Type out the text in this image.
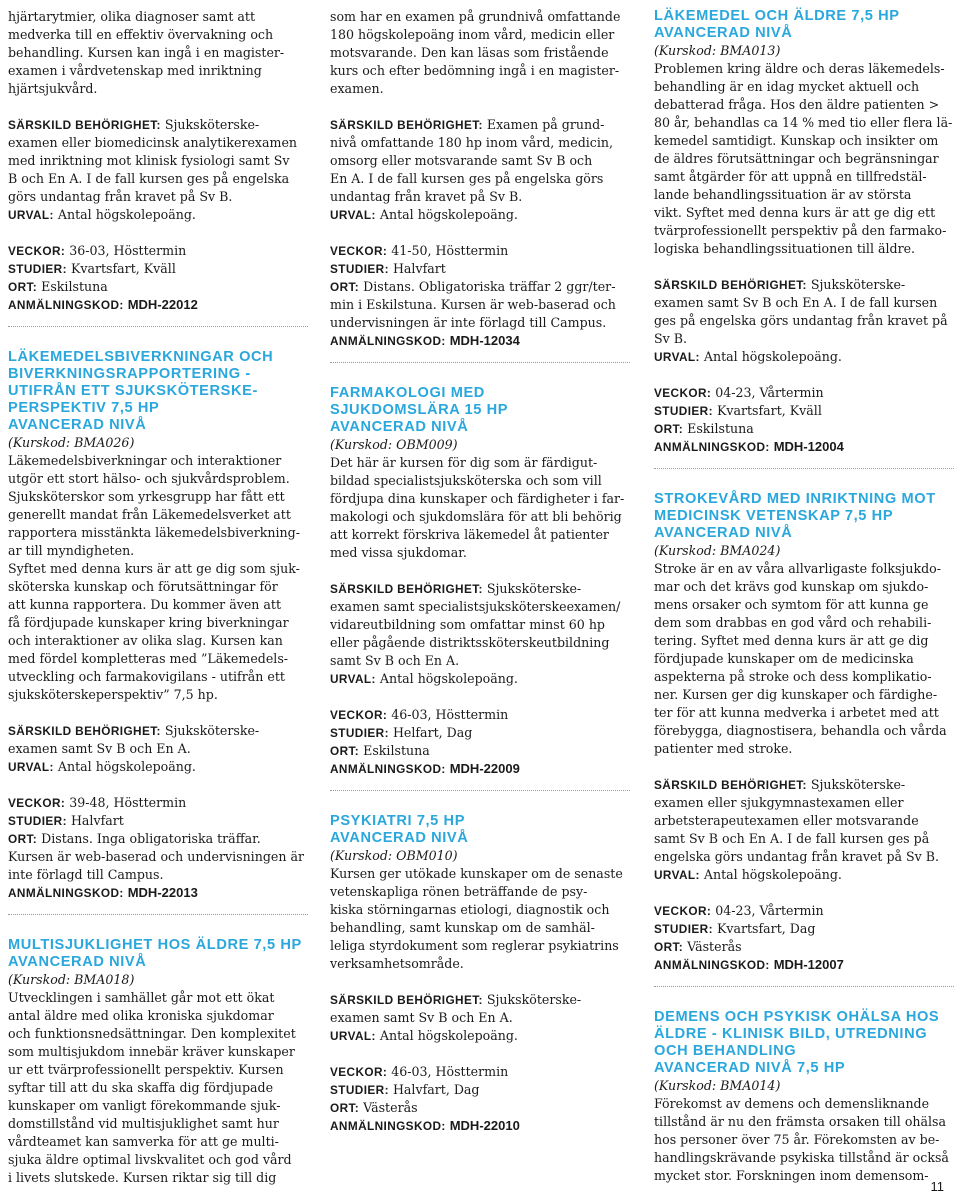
hjärtarytmier, olika diagnoser samt att
medverka till en effektiv övervakning och
behandling. Kursen kan ingå i en magister-
examen i vårdvetenskap med inriktning
hjärtsjukvård.
SÄRSKILD BEHÖRIGHET: Sjuksköterske-
examen eller biomedicinsk analytikerexamen
med inriktning mot klinisk fysiologi samt Sv
B och En A. I de fall kursen ges på engelska
görs undantag från kravet på Sv B.
URVAL: Antal högskolepoäng.
VECKOR: 36-03, Hösttermin
STUDIER: Kvartsfart, Kväll
ORT: Eskilstuna
ANMÄLNINGSKOD: MDH-22012
LÄKEMEDELSBIVERKNINGAR OCH
BIVERKNINGSRAPPORTERING -
UTIFRÅN ETT SJUKSKÖTERSKE-
PERSPEKTIV 7,5 HP
AVANCERAD NIVÅ
(Kurskod: BMA026)
Läkemedelsbiverkningar och interaktioner
utgör ett stort hälso- och sjukvårdsproblem.
Sjuksköterskor som yrkesgrupp har fått ett
generellt mandat från Läkemedelsverket att
rapportera misstänkta läkemedelsbiverkning-
ar till myndigheten.
Syftet med denna kurs är att ge dig som sjuk-
sköterska kunskap och förutsättningar för
att kunna rapportera. Du kommer även att
få fördjupade kunskaper kring biverkningar
och interaktioner av olika slag. Kursen kan
med fördel kompletteras med ”Läkemedels-
utveckling och farmakovigilans - utifrån ett
sjuksköterskeperspektiv” 7,5 hp.
SÄRSKILD BEHÖRIGHET: Sjuksköterske-
examen samt Sv B och En A.
URVAL: Antal högskolepoäng.
VECKOR: 39-48, Hösttermin
STUDIER: Halvfart
ORT: Distans. Inga obligatoriska träffar.
Kursen är web-baserad och undervisningen är
inte förlagd till Campus.
ANMÄLNINGSKOD: MDH-22013
MULTISJUKLIGHET HOS ÄLDRE 7,5 HP
AVANCERAD NIVÅ
(Kurskod: BMA018)
Utvecklingen i samhället går mot ett ökat
antal äldre med olika kroniska sjukdomar
och funktionsnedsättningar. Den komplexitet
som multisjukdom innebär kräver kunskaper
ur ett tvärprofessionellt perspektiv. Kursen
syftar till att du ska skaffa dig fördjupade
kunskaper om vanligt förekommande sjuk-
domstillstånd vid multisjuklighet samt hur
vårdteamet kan samverka för att ge multi-
sjuka äldre optimal livskvalitet och god vård
i livets slutskede. Kursen riktar sig till dig
som har en examen på grundnivå omfattande
180 högskolepoäng inom vård, medicin eller
motsvarande. Den kan läsas som fristående
kurs och efter bedömning ingå i en magister-
examen.
SÄRSKILD BEHÖRIGHET: Examen på grund-
nivå omfattande 180 hp inom vård, medicin,
omsorg eller motsvarande samt Sv B och
En A. I de fall kursen ges på engelska görs
undantag från kravet på Sv B.
URVAL: Antal högskolepoäng.
VECKOR: 41-50, Hösttermin
STUDIER: Halvfart
ORT: Distans. Obligatoriska träffar 2 ggr/ter-
min i Eskilstuna. Kursen är web-baserad och
undervisningen är inte förlagd till Campus.
ANMÄLNINGSKOD: MDH-12034
FARMAKOLOGI MED
SJUKDOMSLÄRA 15 HP
AVANCERAD NIVÅ
(Kurskod: OBM009)
Det här är kursen för dig som är färdigut-
bildad specialistsjuksköterska och som vill
fördjupa dina kunskaper och färdigheter i far-
makologi och sjukdomslära för att bli behörig
att korrekt förskriva läkemedel åt patienter
med vissa sjukdomar.
SÄRSKILD BEHÖRIGHET: Sjuksköterske-
examen samt specialistsjuksköterskeexamen/
vidareutbildning som omfattar minst 60 hp
eller pågående distriktssköterskeutbildning
samt Sv B och En A.
URVAL: Antal högskolepoäng.
VECKOR: 46-03, Hösttermin
STUDIER: Helfart, Dag
ORT: Eskilstuna
ANMÄLNINGSKOD: MDH-22009
PSYKIATRI 7,5 HP
AVANCERAD NIVÅ
(Kurskod: OBM010)
Kursen ger utökade kunskaper om de senaste
vetenskapliga rönen beträffande de psy-
kiska störningarnas etiologi, diagnostik och
behandling, samt kunskap om de samhäl-
leliga styrdokument som reglerar psykiatrins
verksamhetsområde.
SÄRSKILD BEHÖRIGHET: Sjuksköterske-
examen samt Sv B och En A.
URVAL: Antal högskolepoäng.
VECKOR: 46-03, Hösttermin
STUDIER: Halvfart, Dag
ORT: Västerås
ANMÄLNINGSKOD: MDH-22010
LÄKEMEDEL OCH ÄLDRE 7,5 HP
AVANCERAD NIVÅ
(Kurskod: BMA013)
Problemen kring äldre och deras läkemedels-
behandling är en idag mycket aktuell och
debatterad fråga. Hos den äldre patienten >
80 år, behandlas ca 14 % med tio eller flera lä-
kemedel samtidigt. Kunskap och insikter om
de äldres förutsättningar och begränsningar
samt åtgärder för att uppnå en tillfredstäl-
lande behandlingssituation är av största
vikt. Syftet med denna kurs är att ge dig ett
tvärprofessionellt perspektiv på den farmako-
logiska behandlingssituationen till äldre.
SÄRSKILD BEHÖRIGHET: Sjuksköterske-
examen samt Sv B och En A. I de fall kursen
ges på engelska görs undantag från kravet på
Sv B.
URVAL: Antal högskolepoäng.
VECKOR: 04-23, Vårtermin
STUDIER: Kvartsfart, Kväll
ORT: Eskilstuna
ANMÄLNINGSKOD: MDH-12004
STROKEVÅRD MED INRIKTNING MOT
MEDICINSK VETENSKAP 7,5 HP
AVANCERAD NIVÅ
(Kurskod: BMA024)
Stroke är en av våra allvarligaste folksjukdo-
mar och det krävs god kunskap om sjukdo-
mens orsaker och symtom för att kunna ge
dem som drabbas en god vård och rehabili-
tering. Syftet med denna kurs är att ge dig
fördjupade kunskaper om de medicinska
aspekterna på stroke och dess komplikatio-
ner. Kursen ger dig kunskaper och färdighe-
ter för att kunna medverka i arbetet med att
förebygga, diagnostisera, behandla och vårda
patienter med stroke.
SÄRSKILD BEHÖRIGHET: Sjuksköterske-
examen eller sjukgymnastexamen eller
arbetsterapeutexamen eller motsvarande
samt Sv B och En A. I de fall kursen ges på
engelska görs undantag från kravet på Sv B.
URVAL: Antal högskolepoäng.
VECKOR: 04-23, Vårtermin
STUDIER: Kvartsfart, Dag
ORT: Västerås
ANMÄLNINGSKOD: MDH-12007
DEMENS OCH PSYKISK OHÄLSA HOS
ÄLDRE - KLINISK BILD, UTREDNING
OCH BEHANDLING
AVANCERAD NIVÅ 7,5 HP
(Kurskod: BMA014)
Förekomst av demens och demensliknande
tillstånd är nu den främsta orsaken till ohälsa
hos personer över 75 år. Förekomsten av be-
handlingskrävande psykiska tillstånd är också
mycket stor. Forskningen inom demensom-
11
